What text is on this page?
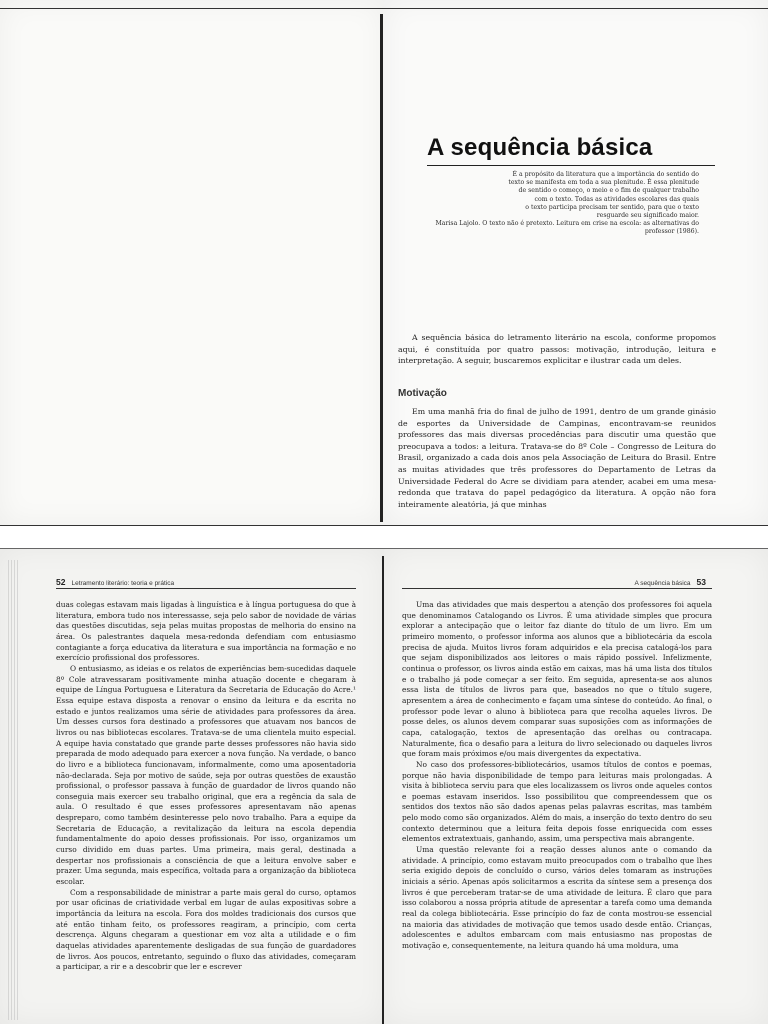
A sequência básica

É a propósito da literatura que a importância do sentido do

texto se manifesta em toda a sua plenitude. É essa plenitude

de sentido o começo, o meio e o fim de qualquer trabalho

com o texto. Todas as atividades escolares das quais

o texto participa precisam ter sentido, para que o texto

resguarde seu significado maior.

Marisa Lajolo. O texto não é pretexto. Leitura em crise na escola: as alternativas do professor (1986).

A sequência básica do letramento literário na escola, conforme propomos aqui, é constituída por quatro passos: motivação, introdução, leitura e interpretação. A seguir, buscaremos explicitar e ilustrar cada um deles.

Motivação

Em uma manhã fria do final de julho de 1991, dentro de um grande ginásio de esportes da Universidade de Campinas, encontravam-se reunidos professores das mais diversas procedências para discutir uma questão que preocupava a todos: a leitura. Tratava-se do 8º Cole – Congresso de Leitura do Brasil, organizado a cada dois anos pela Associação de Leitura do Brasil. Entre as muitas atividades que três professores do Departamento de Letras da Universidade Federal do Acre se dividiam para atender, acabei em uma mesa-redonda que tratava do papel pedagógico da literatura. A opção não fora inteiramente aleatória, já que minhas

52 Letramento literário: teoria e prática

duas colegas estavam mais ligadas à linguística e à língua portuguesa do que à literatura, embora tudo nos interessasse, seja pelo sabor de novidade de várias das questões discutidas, seja pelas muitas propostas de melhoria do ensino na área. Os palestrantes daquela mesa-redonda defendiam com entusiasmo contagiante a força educativa da literatura e sua importância na formação e no exercício profissional dos professores.

O entusiasmo, as ideias e os relatos de experiências bem-sucedidas daquele 8º Cole atravessaram positivamente minha atuação docente e chegaram à equipe de Língua Portuguesa e Literatura da Secretaria de Educação do Acre.¹ Essa equipe estava disposta a renovar o ensino da leitura e da escrita no estado e juntos realizamos uma série de atividades para professores da área. Um desses cursos fora destinado a professores que atuavam nos bancos de livros ou nas bibliotecas escolares. Tratava-se de uma clientela muito especial. A equipe havia constatado que grande parte desses professores não havia sido preparada de modo adequado para exercer a nova função. Na verdade, o banco do livro e a biblioteca funcionavam, informalmente, como uma aposentadoria não-declarada. Seja por motivo de saúde, seja por outras questões de exaustão profissional, o professor passava à função de guardador de livros quando não conseguia mais exercer seu trabalho original, que era a regência da sala de aula. O resultado é que esses professores apresentavam não apenas despreparo, como também desinteresse pelo novo trabalho. Para a equipe da Secretaria de Educação, a revitalização da leitura na escola dependia fundamentalmente do apoio desses profissionais. Por isso, organizamos um curso dividido em duas partes. Uma primeira, mais geral, destinada a despertar nos profissionais a consciência de que a leitura envolve saber e prazer. Uma segunda, mais específica, voltada para a organização da biblioteca escolar.

Com a responsabilidade de ministrar a parte mais geral do curso, optamos por usar oficinas de criatividade verbal em lugar de aulas expositivas sobre a importância da leitura na escola. Fora dos moldes tradicionais dos cursos que até então tinham feito, os professores reagiram, a princípio, com certa descrença. Alguns chegaram a questionar em voz alta a utilidade e o fim daquelas atividades aparentemente desligadas de sua função de guardadores de livros. Aos poucos, entretanto, seguindo o fluxo das atividades, começaram a participar, a rir e a descobrir que ler e escrever

A sequência básica 53

Uma das atividades que mais despertou a atenção dos professores foi aquela que denominamos Catalogando os Livros. É uma atividade simples que procura explorar a antecipação que o leitor faz diante do título de um livro. Em um primeiro momento, o professor informa aos alunos que a bibliotecária da escola precisa de ajuda. Muitos livros foram adquiridos e ela precisa catalogá-los para que sejam disponibilizados aos leitores o mais rápido possível. Infelizmente, continua o professor, os livros ainda estão em caixas, mas há uma lista dos títulos e o trabalho já pode começar a ser feito. Em seguida, apresenta-se aos alunos essa lista de títulos de livros para que, baseados no que o título sugere, apresentem a área de conhecimento e façam uma síntese do conteúdo. Ao final, o professor pode levar o aluno à biblioteca para que recolha aqueles livros. De posse deles, os alunos devem comparar suas suposições com as informações de capa, catalogação, textos de apresentação das orelhas ou contracapa. Naturalmente, fica o desafio para a leitura do livro selecionado ou daqueles livros que foram mais próximos e/ou mais divergentes da expectativa.

No caso dos professores-bibliotecários, usamos títulos de contos e poemas, porque não havia disponibilidade de tempo para leituras mais prolongadas. A visita à biblioteca serviu para que eles localizassem os livros onde aqueles contos e poemas estavam inseridos. Isso possibilitou que compreendessem que os sentidos dos textos não são dados apenas pelas palavras escritas, mas também pelo modo como são organizados. Além do mais, a inserção do texto dentro do seu contexto determinou que a leitura feita depois fosse enriquecida com esses elementos extratextuais, ganhando, assim, uma perspectiva mais abrangente.

Uma questão relevante foi a reação desses alunos ante o comando da atividade. A princípio, como estavam muito preocupados com o trabalho que lhes seria exigido depois de concluído o curso, vários deles tomaram as instruções iniciais a sério. Apenas após solicitarmos a escrita da síntese sem a presença dos livros é que perceberam tratar-se de uma atividade de leitura. É claro que para isso colaborou a nossa própria atitude de apresentar a tarefa como uma demanda real da colega bibliotecária. Esse princípio do faz de conta mostrou-se essencial na maioria das atividades de motivação que temos usado desde então. Crianças, adolescentes e adultos embarcam com mais entusiasmo nas propostas de motivação e, consequentemente, na leitura quando há uma moldura, uma
